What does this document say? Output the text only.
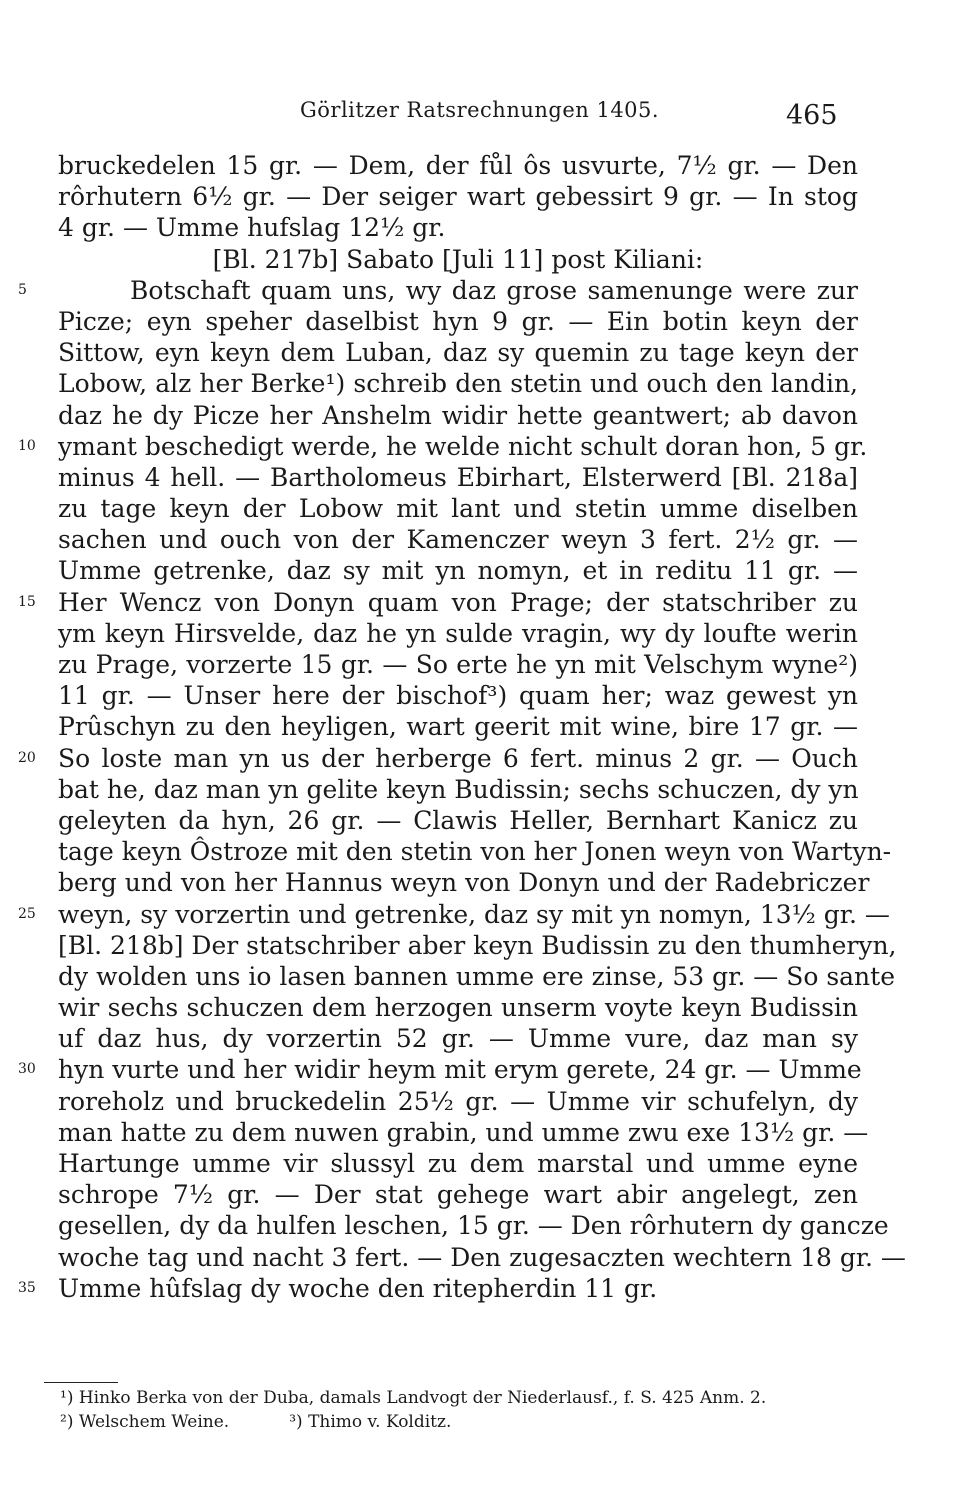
Görlitzer Ratsrechnungen 1405.	465
bruckedelen 15 gr. — Dem, der fůl ôs usvurte, 7½ gr. — Den
rôrhutern 6½ gr. — Der seiger wart gebessirt 9 gr. — In stog
4 gr. — Umme hufslag 12½ gr.
[Bl. 217b] Sabato [Juli 11] post Kiliani:
5	Botschaft quam uns, wy daz grose samenunge were zur
Picze; eyn speher daselbist hyn 9 gr. — Ein botin keyn der
Sittow, eyn keyn dem Luban, daz sy quemin zu tage keyn der
Lobow, alz her Berke¹) schreib den stetin und ouch den landin,
daz he dy Picze her Anshelm widir hette geantwert; ab davon
10 ymant beschedigt werde, he welde nicht schult doran hon, 5 gr.
minus 4 hell. — Bartholomeus Ebirhart, Elsterwerd [Bl. 218a]
zu tage keyn der Lobow mit lant und stetin umme diselben
sachen und ouch von der Kamenczer weyn 3 fert. 2½ gr. —
Umme getrenke, daz sy mit yn nomyn, et in reditu 11 gr. —
15 Her Wencz von Donyn quam von Prage; der statschriber zu
ym keyn Hirsvelde, daz he yn sulde vragin, wy dy loufte werin
zu Prage, vorzerte 15 gr. — So erte he yn mit Velschym wyne²)
11 gr. — Unser here der bischof³) quam her; waz gewest yn
Prûschyn zu den heyligen, wart geerit mit wine, bire 17 gr. —
20 So loste man yn us der herberge 6 fert. minus 2 gr. — Ouch
bat he, daz man yn gelite keyn Budissin; sechs schuczen, dy yn
geleyten da hyn, 26 gr. — Clawis Heller, Bernhart Kanicz zu
tage keyn Ôstroze mit den stetin von her Jonen weyn von Wartyn-
berg und von her Hannus weyn von Donyn und der Radebriczer
25 weyn, sy vorzertin und getrenke, daz sy mit yn nomyn, 13½ gr. —
[Bl. 218b] Der statschriber aber keyn Budissin zu den thumheryn,
dy wolden uns io lasen bannen umme ere zinse, 53 gr. — So sante
wir sechs schuczen dem herzogen unserm voyte keyn Budissin
uf daz hus, dy vorzertin 52 gr. — Umme vure, daz man sy
30 hyn vurte und her widir heym mit erym gerete, 24 gr. — Umme
roreholz und bruckedelin 25½ gr. — Umme vir schufelyn, dy
man hatte zu dem nuwen grabin, und umme zwu exe 13½ gr. —
Hartunge umme vir slussyl zu dem marstal und umme eyne
schrope 7½ gr. — Der stat gehege wart abir angelegt, zen
gesellen, dy da hulfen leschen, 15 gr. — Den rôrhutern dy gancze
woche tag und nacht 3 fert. — Den zugesaczten wechtern 18 gr. —
35 Umme hûfslag dy woche den ritepherdin 11 gr.
¹) Hinko Berka von der Duba, damals Landvogt der Niederlausf., f. S. 425 Anm. 2.
²) Welschem Weine.	³) Thimo v. Kolditz.
